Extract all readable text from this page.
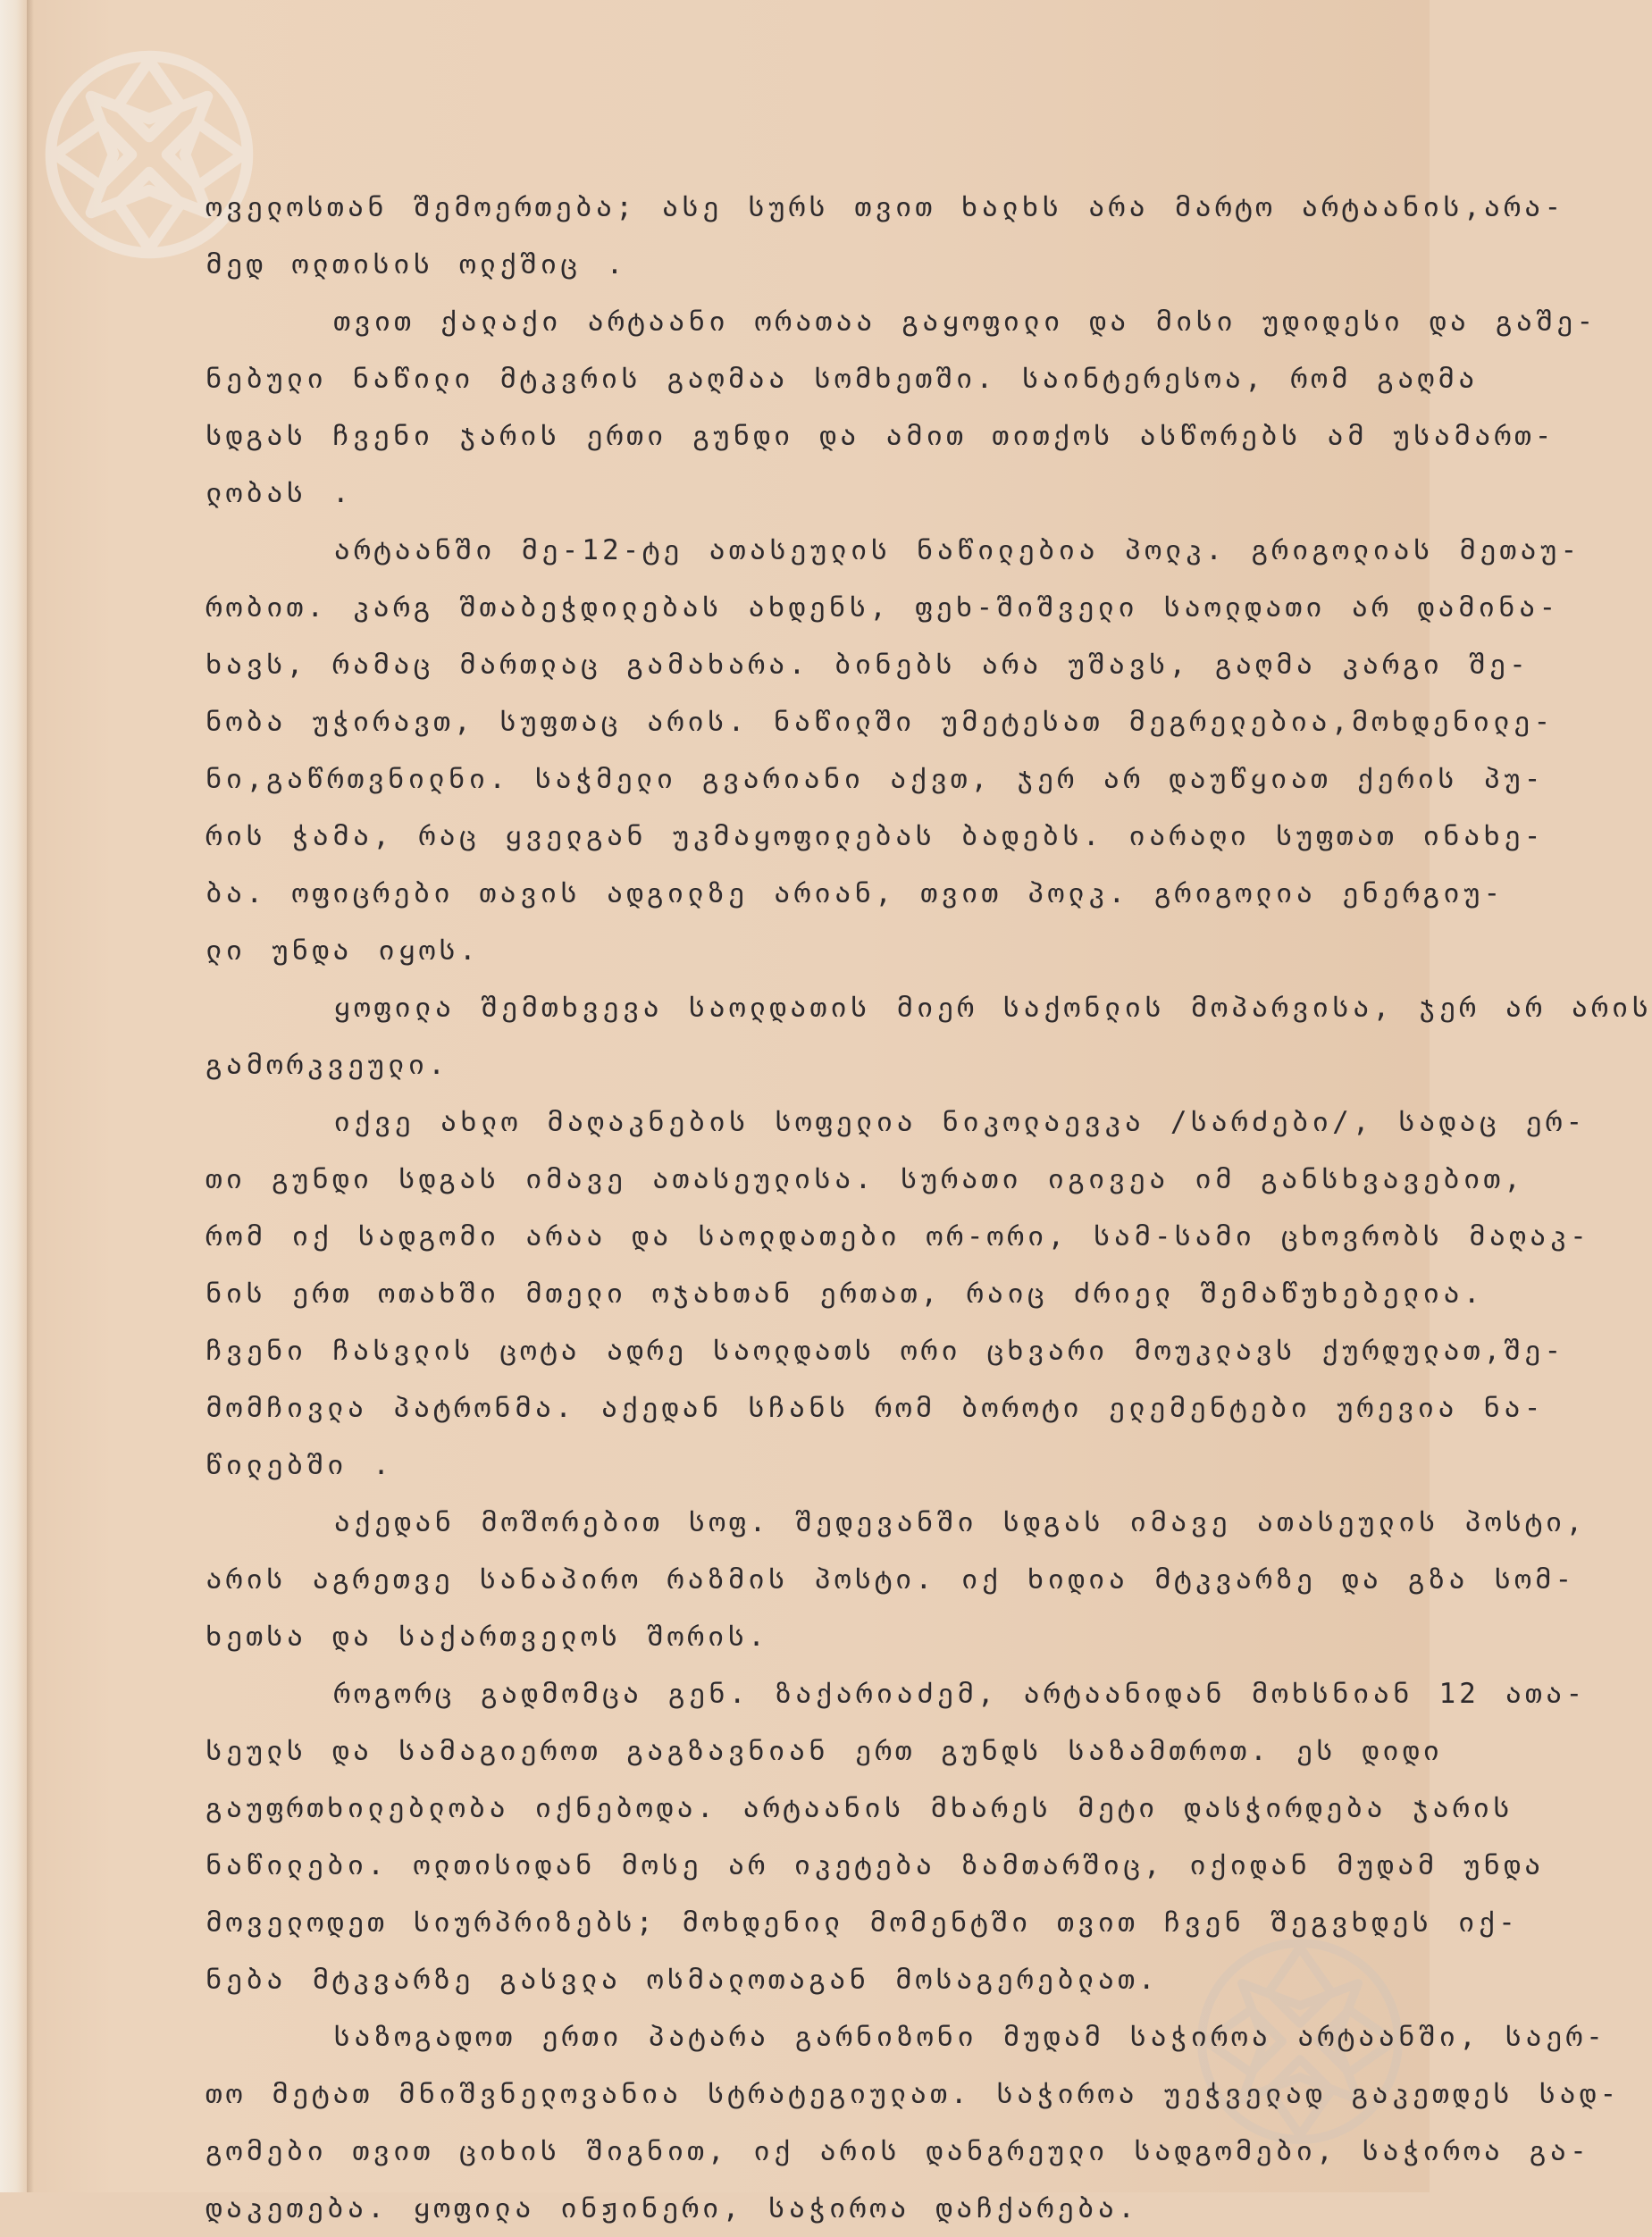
ოველოსთან შემოერთება; ასე სურს თვით ხალხს არა მარტო არტაანის,არა-

მედ ოლთისის ოლქშიც .

თვით ქალაქი არტაანი ორათაა გაყოფილი და მისი უდიდესი და გაშე-

ნებული ნაწილი მტკვრის გაღმაა სომხეთში. საინტერესოა, რომ გაღმა

სდგას ჩვენი ჯარის ერთი გუნდი და ამით თითქოს ასწორებს ამ უსამართ-

ლობას .

არტაანში მე-12-ტე ათასეულის ნაწილებია პოლკ. გრიგოლიას მეთაუ-

რობით. კარგ შთაბეჭდილებას ახდენს, ფეხ-შიშველი საოლდათი არ დამინა-

ხავს, რამაც მართლაც გამახარა. ბინებს არა უშავს, გაღმა კარგი შე-

ნობა უჭირავთ, სუფთაც არის. ნაწილში უმეტესათ მეგრელებია,მოხდენილე-

ნი,გაწრთვნილნი. საჭმელი გვარიანი აქვთ, ჯერ არ დაუწყიათ ქერის პუ-

რის ჭამა, რაც ყველგან უკმაყოფილებას ბადებს. იარაღი სუფთათ ინახე-

ბა. ოფიცრები თავის ადგილზე არიან, თვით პოლკ. გრიგოლია ენერგიუ-

ლი უნდა იყოს.

ყოფილა შემთხვევა საოლდათის მიერ საქონლის მოპარვისა, ჯერ არ არის

გამორკვეული.

იქვე ახლო მაღაკნების სოფელია ნიკოლაევკა /სარძები/, სადაც ერ-

თი გუნდი სდგას იმავე ათასეულისა. სურათი იგივეა იმ განსხვავებით,

რომ იქ სადგომი არაა და საოლდათები ორ-ორი, სამ-სამი ცხოვრობს მაღაკ-

ნის ერთ ოთახში მთელი ოჯახთან ერთათ, რაიც ძრიელ შემაწუხებელია.

ჩვენი ჩასვლის ცოტა ადრე საოლდათს ორი ცხვარი მოუკლავს ქურდულათ,შე-

მომჩივლა პატრონმა. აქედან სჩანს რომ ბოროტი ელემენტები ურევია ნა-

წილებში .

აქედან მოშორებით სოფ. შედევანში სდგას იმავე ათასეულის პოსტი,

არის აგრეთვე სანაპირო რაზმის პოსტი. იქ ხიდია მტკვარზე და გზა სომ-

ხეთსა და საქართველოს შორის.

როგორც გადმომცა გენ. ზაქარიაძემ, არტაანიდან მოხსნიან 12 ათა-

სეულს და სამაგიეროთ გაგზავნიან ერთ გუნდს საზამთროთ. ეს დიდი

გაუფრთხილებლობა იქნებოდა. არტაანის მხარეს მეტი დასჭირდება ჯარის

ნაწილები. ოლთისიდან მოსე არ იკეტება ზამთარშიც, იქიდან მუდამ უნდა

მოველოდეთ სიურპრიზებს; მოხდენილ მომენტში თვით ჩვენ შეგვხდეს იქ-

ნება მტკვარზე გასვლა ოსმალოთაგან მოსაგერებლათ.

საზოგადოთ ერთი პატარა გარნიზონი მუდამ საჭიროა არტაანში, საერ-

თო მეტათ მნიშვნელოვანია სტრატეგიულათ. საჭიროა უეჭველად გაკეთდეს სად-

გომები თვით ციხის შიგნით, იქ არის დანგრეული სადგომები, საჭიროა გა-

დაკეთება. ყოფილა ინჟინერი, საჭიროა დაჩქარება.
